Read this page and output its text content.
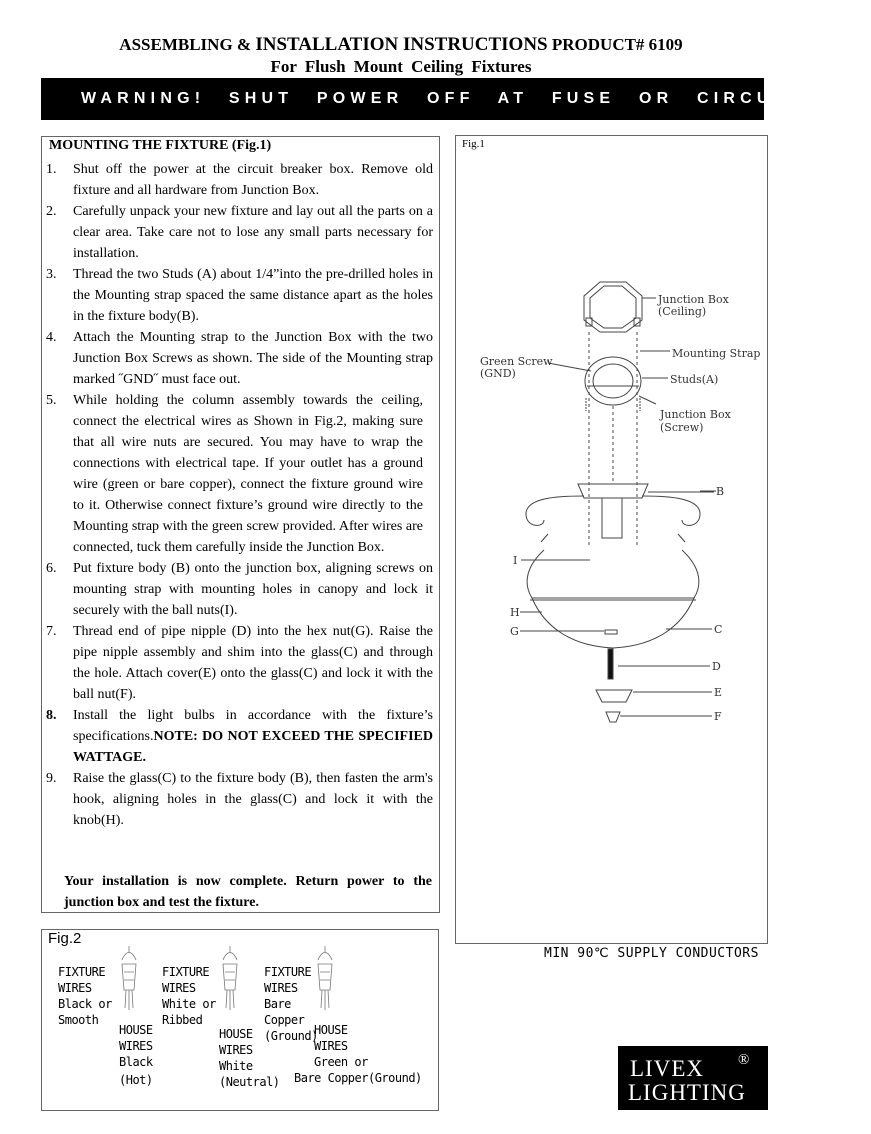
ASSEMBLING & INSTALLATION INSTRUCTIONS PRODUCT# 6109
For Flush Mount Ceiling Fixtures
WARNING! SHUT POWER OFF AT FUSE OR CIRCUIT BRE
MOUNTING THE FIXTURE (Fig.1)
1.	Shut off the power at the circuit breaker box. Remove old fixture and all hardware from Junction Box.
2.	Carefully unpack your new fixture and lay out all the parts on a clear area. Take care not to lose any small parts necessary for installation.
3.	Thread the two Studs (A) about 1/4”into the pre-drilled holes in the Mounting strap spaced the same distance apart as the holes in the fixture body(B).
4.	Attach the Mounting strap to the Junction Box with the two Junction Box Screws as shown. The side of the Mounting strap marked ˝GND˝ must face out.
5.	While holding the column assembly towards the ceiling, connect the electrical wires as Shown in Fig.2, making sure that all wire nuts are secured. You may have to wrap the connections with electrical tape. If your outlet has a ground wire (green or bare copper), connect the fixture ground wire to it. Otherwise connect fixture’s ground wire directly to the Mounting strap with the green screw provided. After wires are connected, tuck them carefully inside the Junction Box.
6.	Put fixture body (B) onto the junction box, aligning screws on mounting strap with mounting holes in canopy and lock it securely with the ball nuts(I).
7.	Thread end of pipe nipple (D) into the hex nut(G). Raise the pipe nipple assembly and shim into the glass(C) and through the hole. Attach cover(E) onto the glass(C) and lock it with the ball nut(F).
8.	Install the light bulbs in accordance with the fixture’s specifications.NOTE: DO NOT EXCEED THE SPECIFIED WATTAGE.
9.	Raise the glass(C) to the fixture body (B), then fasten the arm's hook, aligning holes in the glass(C) and lock it with the knob(H).
Your installation is now complete. Return power to the junction box and test the fixture.
Fig.1
Junction Box
(Ceiling)
Mounting Strap
Green Screw
(GND)	Studs(A)
Junction Box
(Screw)
B
I
H
G	C
D
E
F
MIN 90℃ SUPPLY CONDUCTORS
Fig.2
FIXTURE
WIRES
Black or
Smooth
HOUSE
WIRES
Black
(Hot)
FIXTURE
WIRES
White or
Ribbed
HOUSE
WIRES
White
(Neutral)
FIXTURE
WIRES
Bare
Copper
(Ground)
HOUSE
WIRES
Green or
Bare Copper(Ground)	LIVEX
LIGHTING
®
